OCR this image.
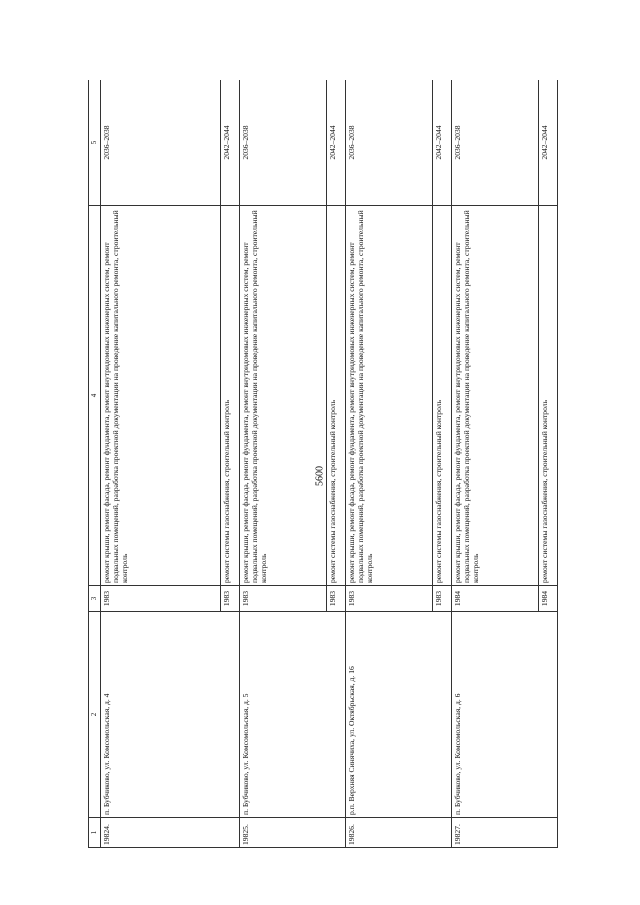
5600
1	2	3	4	5
19824.	п. Бубчиково, ул. Комсомольская, д. 4	1983	ремонт крыши, ремонт фасада, ремонт фундамента, ремонт внутридомовых инженерных систем, ремонт подвальных помещений, разработка проектной документации на проведение капитального ремонта, строительный контроль	2036–2038
		1983	ремонт системы газоснабжения, строительный контроль	2042–2044
19825.	п. Бубчиково, ул. Комсомольская, д. 5	1983	ремонт крыши, ремонт фасада, ремонт фундамента, ремонт внутридомовых инженерных систем, ремонт подвальных помещений, разработка проектной документации на проведение капитального ремонта, строительный контроль	2036–2038
		1983	ремонт системы газоснабжения, строительный контроль	2042–2044
19826.	р.п. Верхняя Синячиха, ул. Октябрьская, д. 16	1983	ремонт крыши, ремонт фасада, ремонт фундамента, ремонт внутридомовых инженерных систем, ремонт подвальных помещений, разработка проектной документации на проведение капитального ремонта, строительный контроль	2036–2038
		1983	ремонт системы газоснабжения, строительный контроль	2042–2044
19827.	п. Бубчиково, ул. Комсомольская, д. 6	1984	ремонт крыши, ремонт фасада, ремонт фундамента, ремонт внутридомовых инженерных систем, ремонт подвальных помещений, разработка проектной документации на проведение капитального ремонта, строительный контроль	2036–2038
		1984	ремонт системы газоснабжения, строительный контроль	2042–2044
